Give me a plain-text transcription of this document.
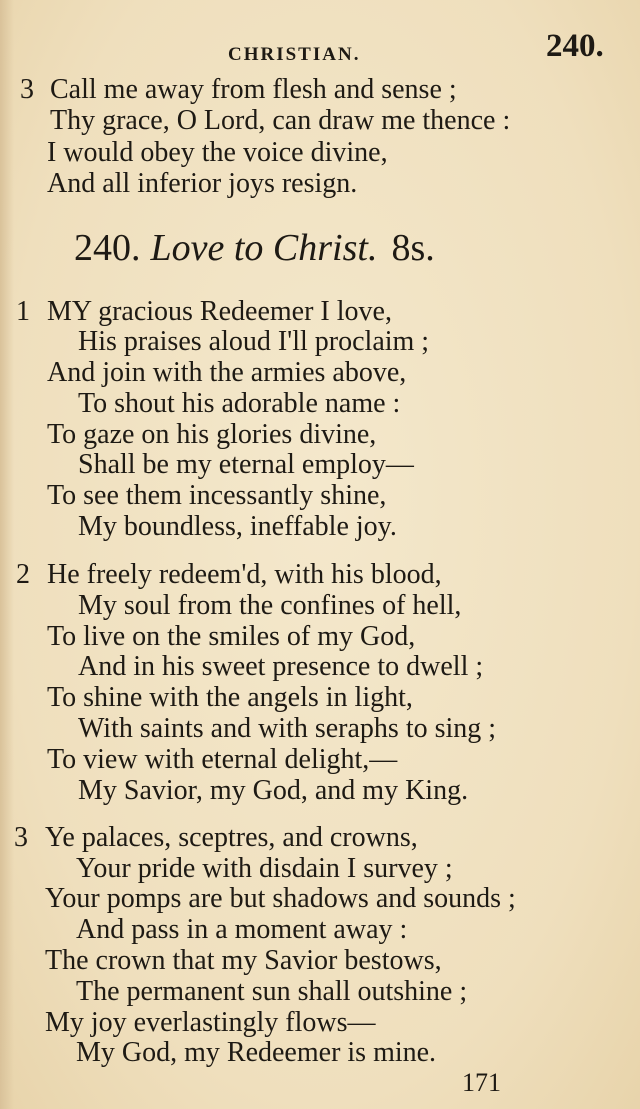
CHRISTIAN.	240.
3 Call me away from flesh and sense ;
Thy grace, O Lord, can draw me thence :
I would obey the voice divine,
And all inferior joys resign.
240. Love to Christ. 8s.
1 MY gracious Redeemer I love,
His praises aloud I'll proclaim ;
And join with the armies above,
To shout his adorable name :
To gaze on his glories divine,
Shall be my eternal employ—
To see them incessantly shine,
My boundless, ineffable joy.
2 He freely redeem'd, with his blood,
My soul from the confines of hell,
To live on the smiles of my God,
And in his sweet presence to dwell ;
To shine with the angels in light,
With saints and with seraphs to sing ;
To view with eternal delight,—
My Savior, my God, and my King.
3 Ye palaces, sceptres, and crowns,
Your pride with disdain I survey ;
Your pomps are but shadows and sounds ;
And pass in a moment away :
The crown that my Savior bestows,
The permanent sun shall outshine ;
My joy everlastingly flows—
My God, my Redeemer is mine.
171
